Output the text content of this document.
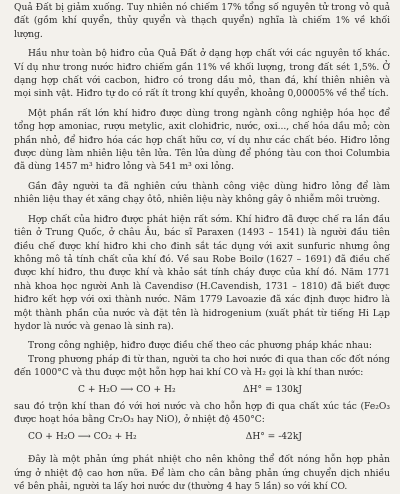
Quả Đất bị giảm xuống. Tuy nhiên nó chiếm 17% tổng số nguyên tử trong vỏ quả đất (gồm khí quyển, thủy quyển và thạch quyển) nghĩa là chiếm 1% về khối lượng.

Hầu như toàn bộ hiđro của Quả Đất ở dạng hợp chất với các nguyên tố khác. Ví dụ như trong nước hiđro chiếm gần 11% về khối lượng, trong đất sét 1,5%. Ở dạng hợp chất với cacbon, hiđro có trong dầu mỏ, than đá, khí thiên nhiên và mọi sinh vật. Hiđro tự do có rất ít trong khí quyển, khoảng 0,00005% về thể tích.

Một phần rất lớn khí hiđro được dùng trong ngành công nghiệp hóa học để tổng hợp amoniac, rượu metylic, axit clohiđric, nước, oxi..., chế hóa dầu mỏ; còn phần nhỏ, để hiđro hóa các hợp chất hữu cơ, ví dụ như các chất béo. Hiđro lỏng được dùng làm nhiên liệu tên lửa. Tên lửa dùng để phóng tàu con thoi Columbia đã dùng 1457 m³ hiđro lỏng và 541 m³ oxi lỏng.

Gần đây người ta đã nghiên cứu thành công việc dùng hiđro lỏng để làm nhiên liệu thay ét xăng chạy ôtô, nhiên liệu này không gây ô nhiễm môi trường.

Hợp chất của hiđro được phát hiện rất sớm. Khí hiđro đã được chế ra lần đầu tiên ở Trung Quốc, ở châu Âu, bác sĩ Paraxen (1493 – 1541) là người đầu tiên điều chế được khí hiđro khi cho đinh sắt tác dụng với axit sunfuric nhưng ông không mô tả tính chất của khí đó. Về sau Robe Boilơ (1627 – 1691) đã điều chế được khí hiđro, thu được khí và khảo sát tính cháy được của khí đó. Năm 1771 nhà khoa học người Anh là Cavendisơ (H.Cavendish, 1731 – 1810) đã biết được hiđro kết hợp với oxi thành nước. Năm 1779 Lavoazie đã xác định được hiđro là một thành phần của nước và đặt tên là hidrogenium (xuất phát từ tiếng Hi Lạp hydor là nước và genao là sinh ra).

Trong công nghiệp, hiđro được điều chế theo các phương pháp khác nhau:

Trong phương pháp đi từ than, người ta cho hơi nước đi qua than cốc đốt nóng đến 1000°C và thu được một hỗn hợp hai khí CO và H₂ gọi là khí than nước:

C + H₂O ⟶ CO + H₂	ΔH° = 130kJ

sau đó trộn khí than đó với hơi nước và cho hỗn hợp đi qua chất xúc tác (Fe₂O₃ được hoạt hóa bằng Cr₂O₃ hay NiO), ở nhiệt độ 450°C:

CO + H₂O ⟶ CO₂ + H₂	ΔH° = -42kJ

Đây là một phản ứng phát nhiệt cho nên không thể đốt nóng hỗn hợp phản ứng ở nhiệt độ cao hơn nữa. Để làm cho cân bằng phản ứng chuyển dịch nhiều về bên phải, người ta lấy hơi nước dư (thường 4 hay 5 lần) so với khí CO.
